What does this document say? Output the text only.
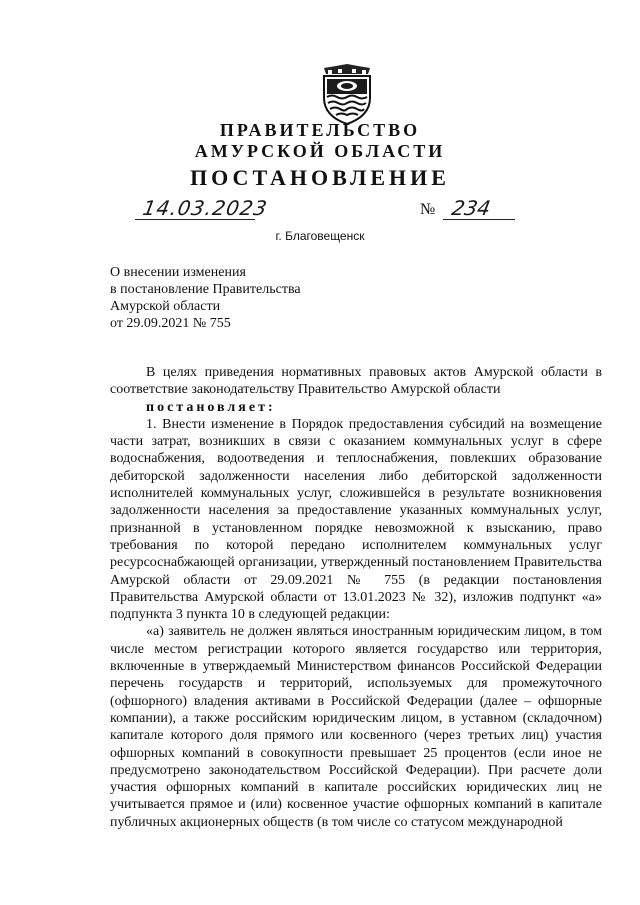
ПРАВИТЕЛЬСТВО
АМУРСКОЙ ОБЛАСТИ
ПОСТАНОВЛЕНИЕ
14.03.2023	№ 234
г. Благовещенск
О внесении изменения
в постановление Правительства
Амурской области
от 29.09.2021 № 755

В целях приведения нормативных правовых актов Амурской области в соответствие законодательству Правительство Амурской области

постановляет:

1. Внести изменение в Порядок предоставления субсидий на возмещение части затрат, возникших в связи с оказанием коммунальных услуг в сфере водоснабжения, водоотведения и теплоснабжения, повлекших образование дебиторской задолженности населения либо дебиторской задолженности исполнителей коммунальных услуг, сложившейся в результате возникновения задолженности населения за предоставление указанных коммунальных услуг, признанной в установленном порядке невозможной к взысканию, право требования по которой передано исполнителем коммунальных услуг ресурсоснабжающей организации, утвержденный постановлением Правительства Амурской области от 29.09.2021 № 755 (в редакции постановления Правительства Амурской области от 13.01.2023 № 32), изложив подпункт «а» подпункта 3 пункта 10 в следующей редакции:

«а) заявитель не должен являться иностранным юридическим лицом, в том числе местом регистрации которого является государство или территория, включенные в утверждаемый Министерством финансов Российской Федерации перечень государств и территорий, используемых для промежуточного (офшорного) владения активами в Российской Федерации (далее – офшорные компании), а также российским юридическим лицом, в уставном (складочном) капитале которого доля прямого или косвенного (через третьих лиц) участия офшорных компаний в совокупности превышает 25 процентов (если иное не предусмотрено законодательством Российской Федерации). При расчете доли участия офшорных компаний в капитале российских юридических лиц не учитывается прямое и (или) косвенное участие офшорных компаний в капитале публичных акционерных обществ (в том числе со статусом международной
